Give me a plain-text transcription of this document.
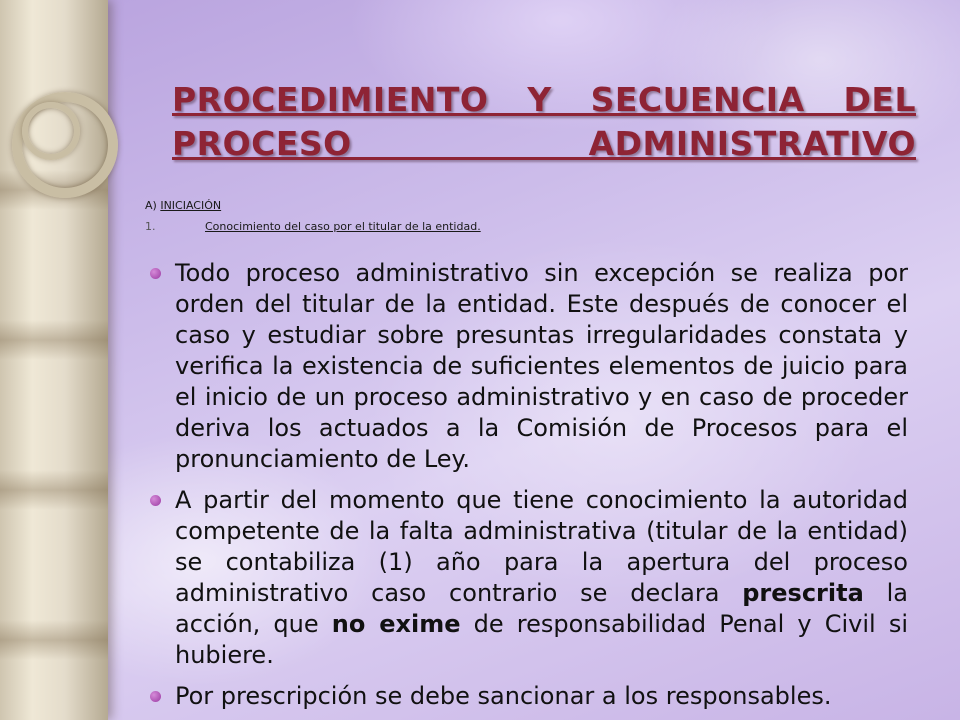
PROCEDIMIENTO Y SECUENCIA DEL PROCESO ADMINISTRATIVO
A) INICIACIÓN
1.	Conocimiento del caso por el titular de la entidad.
Todo proceso administrativo sin excepción se realiza por orden del titular de la entidad. Este después de conocer el caso y estudiar sobre presuntas irregularidades constata y verifica la existencia de suficientes elementos de juicio para el inicio de un proceso administrativo y en caso de proceder deriva los actuados a la Comisión de Procesos para el pronunciamiento de Ley.
A partir del momento que tiene conocimiento la autoridad competente de la falta administrativa (titular de la entidad) se contabiliza (1) año para la apertura del proceso administrativo caso contrario se declara prescrita la acción, que no exime de responsabilidad Penal y Civil si hubiere.
Por prescripción se debe sancionar a los responsables.
